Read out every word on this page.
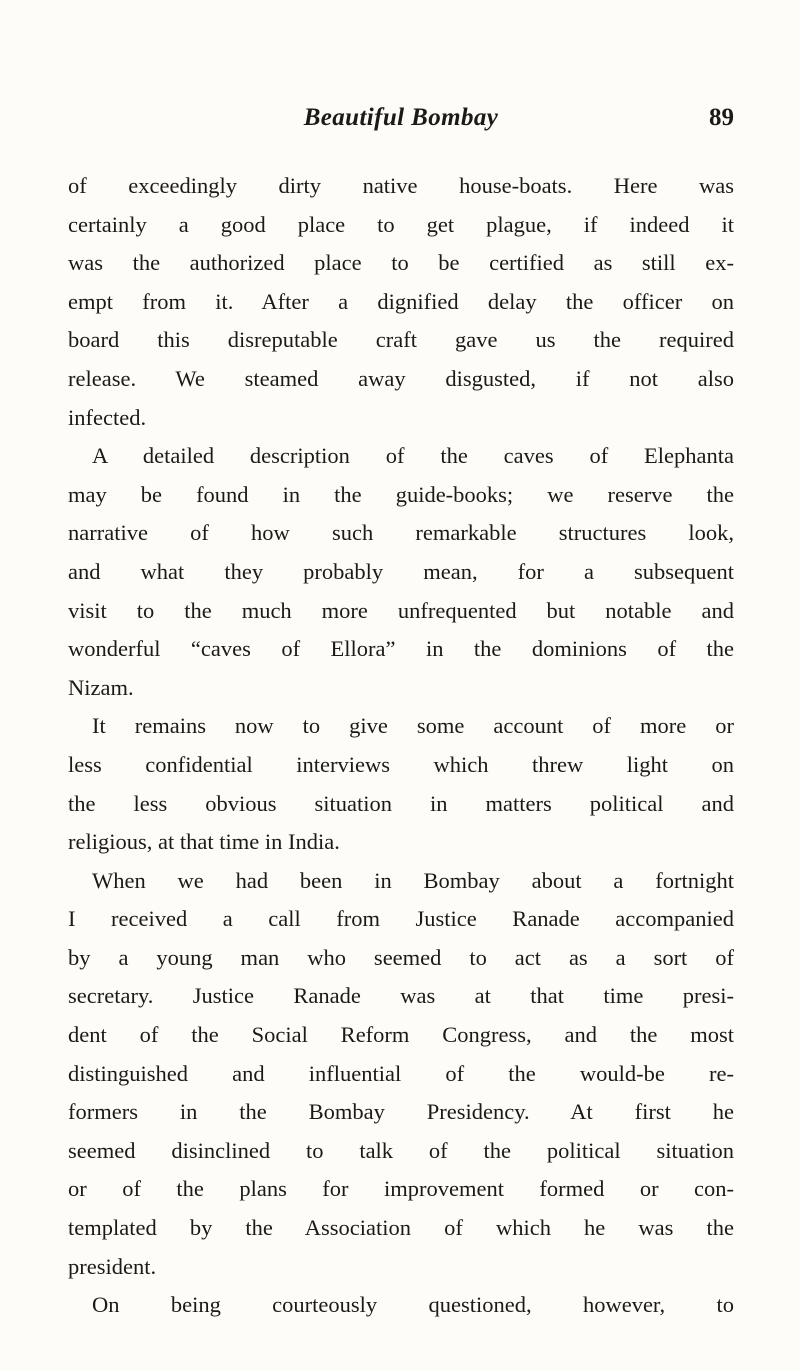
Beautiful Bombay	89
of exceedingly dirty native house-boats. Here was
certainly a good place to get plague, if indeed it
was the authorized place to be certified as still ex-
empt from it. After a dignified delay the officer on
board this disreputable craft gave us the required
release. We steamed away disgusted, if not also
infected.
A detailed description of the caves of Elephanta
may be found in the guide-books; we reserve the
narrative of how such remarkable structures look,
and what they probably mean, for a subsequent
visit to the much more unfrequented but notable and
wonderful “caves of Ellora” in the dominions of the
Nizam.
It remains now to give some account of more or
less confidential interviews which threw light on
the less obvious situation in matters political and
religious, at that time in India.
When we had been in Bombay about a fortnight
I received a call from Justice Ranade accompanied
by a young man who seemed to act as a sort of
secretary. Justice Ranade was at that time presi-
dent of the Social Reform Congress, and the most
distinguished and influential of the would-be re-
formers in the Bombay Presidency. At first he
seemed disinclined to talk of the political situation
or of the plans for improvement formed or con-
templated by the Association of which he was the
president.
On being courteously questioned, however, to
